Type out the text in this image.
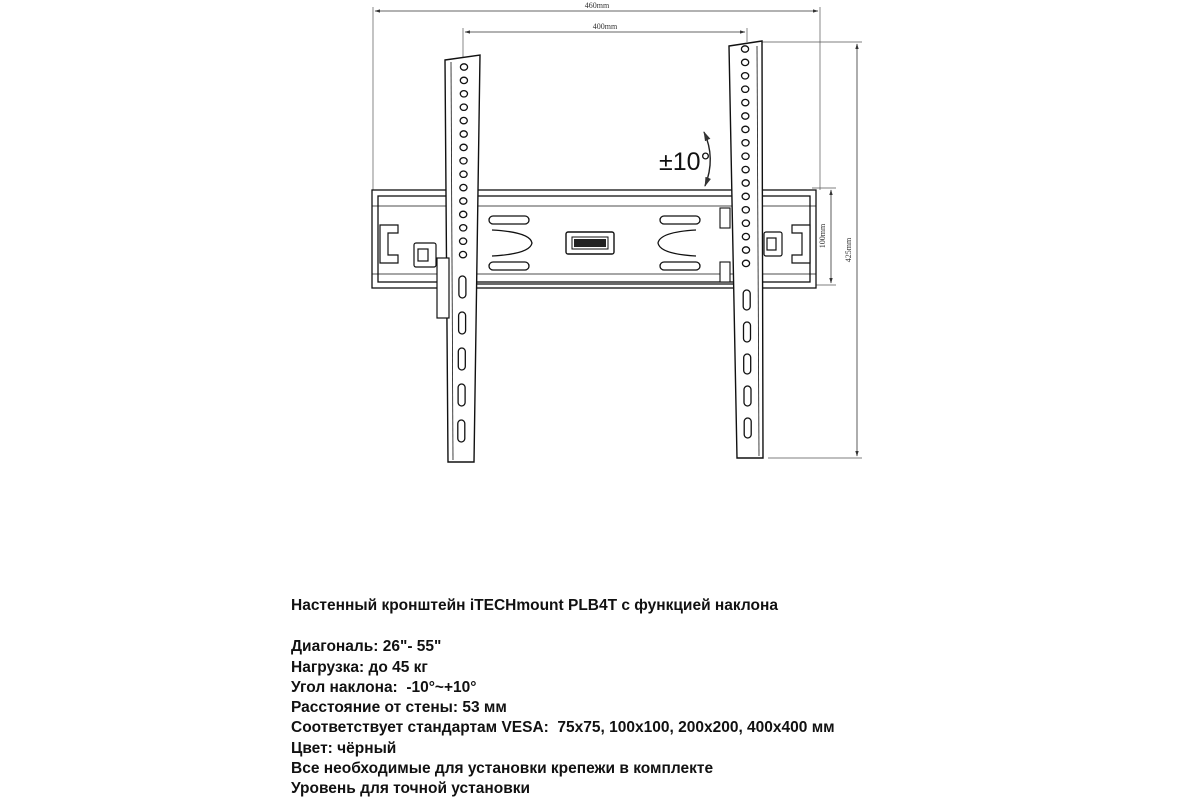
460mm
400mm
425mm
100mm
±10°
Настенный кронштейн iTECHmount PLB4T с функцией наклона
Диагональ: 26"- 55"
Нагрузка: до 45 кг
Угол наклона:  -10°~+10°
Расстояние от стены: 53 мм
Соответствует стандартам VESA:  75x75, 100x100, 200x200, 400x400 мм
Цвет: чёрный
Все необходимые для установки крепежи в комплекте
Уровень для точной установки
